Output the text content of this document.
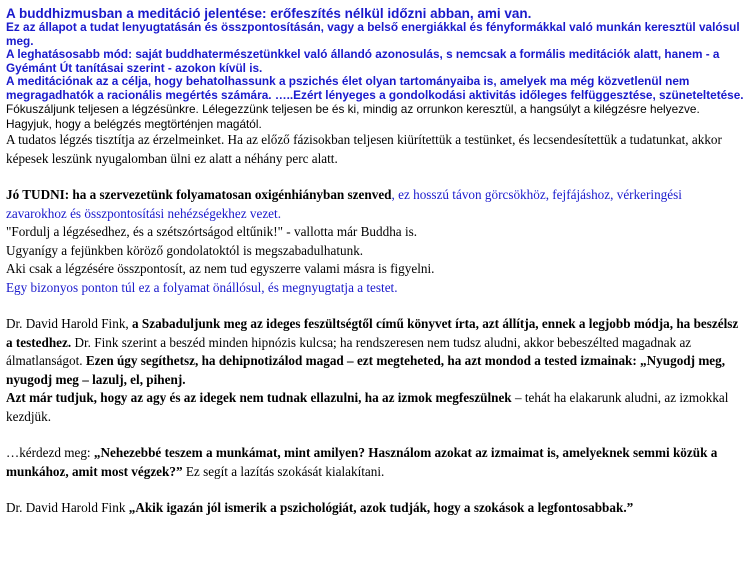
A buddhizmusban a meditáció jelentése: erőfeszítés nélkül időzni abban, ami van.

Ez az állapot a tudat lenyugtatásán és összpontosításán, vagy a belső energiákkal és fényformákkal való munkán keresztül valósul meg.

A leghatásosabb mód: saját buddhatermészetünkkel való állandó azonosulás, s nemcsak a formális meditációk alatt, hanem - a Gyémánt Út tanításai szerint - azokon kívül is.

A meditációnak az a célja, hogy behatolhassunk a pszichés élet olyan tartományaiba is, amelyek ma még közvetlenül nem megragadhatók a racionális megértés számára. …..Ezért lényeges a gondolkodási aktivitás időleges felfüggesztése, szüneteltetése.

Fókuszáljunk teljesen a légzésünkre. Lélegezzünk teljesen be és ki, mindig az orrunkon keresztül, a hangsúlyt a kilégzésre helyezve. Hagyjuk, hogy a belégzés megtörténjen magától.

A tudatos légzés tisztítja az érzelmeinket. Ha az előző fázisokban teljesen kiürítettük a testünket, és lecsendesítettük a tudatunkat, akkor képesek leszünk nyugalomban ülni ez alatt a néhány perc alatt.

Jó TUDNI: ha a szervezetünk folyamatosan oxigénhiányban szenved, ez hosszú távon görcsökhöz, fejfájáshoz, vérkeringési zavarokhoz és összpontosítási nehézségekhez vezet.

"Fordulj a légzésedhez, és a szétszórtságod eltűnik!" - vallotta már Buddha is.

Ugyanígy a fejünkben köröző gondolatoktól is megszabadulhatunk.

Aki csak a légzésére összpontosít, az nem tud egyszerre valami másra is figyelni.

Egy bizonyos ponton túl ez a folyamat önállósul, és megnyugtatja a testet.

Dr. David Harold Fink, a Szabaduljunk meg az ideges feszültségtől című könyvet írta, azt állítja, ennek a legjobb módja, ha beszélsz a testedhez. Dr. Fink szerint a beszéd minden hipnózis kulcsa; ha rendszeresen nem tudsz aludni, akkor bebeszélted magadnak az álmatlanságot. Ezen úgy segíthetsz, ha dehipnotizálod magad – ezt megteheted, ha azt mondod a tested izmainak: „Nyugodj meg, nyugodj meg – lazulj, el, pihenj.
Azt már tudjuk, hogy az agy és az idegek nem tudnak ellazulni, ha az izmok megfeszülnek – tehát ha elakarunk aludni, az izmokkal kezdjük.

…kérdezd meg: „Nehezebbé teszem a munkámat, mint amilyen? Használom azokat az izmaimat is, amelyeknek semmi közük a munkához, amit most végzek?” Ez segít a lazítás szokását kialakítani.

Dr. David Harold Fink „Akik igazán jól ismerik a pszichológiát, azok tudják, hogy a szokások a legfontosabbak.”
